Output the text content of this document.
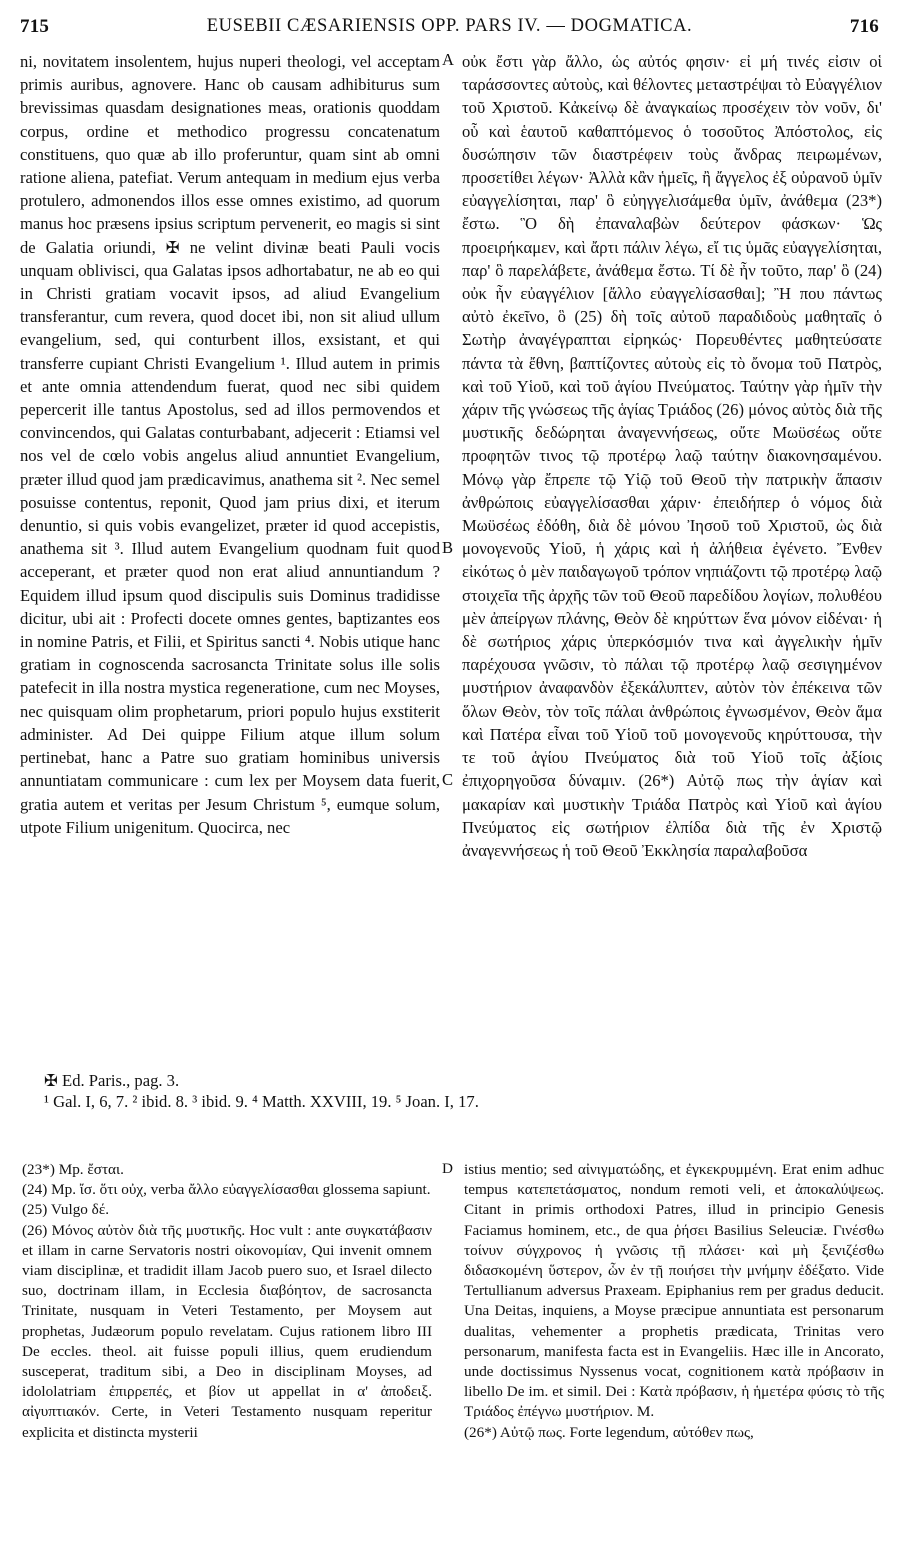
715	EUSEBII CÆSARIENSIS OPP. PARS IV. — DOGMATICA.	716

ni, novitatem insolentem, hujus nuperi theologi, vel acceptam primis auribus, agnovere. Hanc ob causam adhibiturus sum brevissimas quasdam designationes meas, orationis quoddam corpus, ordine et methodico progressu concatenatum constituens, quo quæ ab illo proferuntur, quam sint ab omni ratione aliena, patefiat. Verum antequam in medium ejus verba protulero, admonendos illos esse omnes existimo, ad quorum manus hoc præsens ipsius scriptum pervenerit, eo magis si sint de Galatia oriundi, ✠ ne velint divinæ beati Pauli vocis unquam oblivisci, qua Galatas ipsos adhortabatur, ne ab eo qui in Christi gratiam vocavit ipsos, ad aliud Evangelium transferantur, cum revera, quod docet ibi, non sit aliud ullum evangelium, sed, qui conturbent illos, exsistant, et qui transferre cupiant Christi Evangelium ¹. Illud autem in primis et ante omnia attendendum fuerat, quod nec sibi quidem pepercerit ille tantus Apostolus, sed ad illos permovendos et convincendos, qui Galatas conturbabant, adjecerit : Etiamsi vel nos vel de cœlo vobis angelus aliud annuntiet Evangelium, præter illud quod jam prædicavimus, anathema sit ². Nec semel posuisse contentus, reponit, Quod jam prius dixi, et iterum denuntio, si quis vobis evangelizet, præter id quod accepistis, anathema sit ³. Illud autem Evangelium quodnam fuit quod acceperant, et præter quod non erat aliud annuntiandum ? Equidem illud ipsum quod discipulis suis Dominus tradidisse dicitur, ubi ait : Profecti docete omnes gentes, baptizantes eos in nomine Patris, et Filii, et Spiritus sancti ⁴. Nobis utique hanc gratiam in cognoscenda sacrosancta Trinitate solus ille solis patefecit in illa nostra mystica regeneratione, cum nec Moyses, nec quisquam olim prophetarum, priori populo hujus exstiterit administer. Ad Dei quippe Filium atque illum solum pertinebat, hanc a Patre suo gratiam hominibus universis annuntiatam communicare : cum lex per Moysem data fuerit, gratia autem et veritas per Jesum Christum ⁵, eumque solum, utpote Filium unigenitum. Quocirca, nec

A
B
C

οὐκ ἔστι γὰρ ἄλλο, ὡς αὐτός φησιν· εἰ μή τινές εἰσιν οἱ ταράσσοντες αὐτοὺς, καὶ θέλοντες μεταστρέψαι τὸ Εὐαγγέλιον τοῦ Χριστοῦ. Κἀκείνῳ δὲ ἀναγκαίως προσέχειν τὸν νοῦν, δι' οὗ καὶ ἑαυτοῦ καθαπτόμενος ὁ τοσοῦτος Ἀπόστολος, εἰς δυσώπησιν τῶν διαστρέφειν τοὺς ἄνδρας πειρωμένων, προσετίθει λέγων· Ἀλλὰ κἂν ἡμεῖς, ἢ ἄγγελος ἐξ οὐρανοῦ ὑμῖν εὐαγγελίσηται, παρ' ὃ εὐηγγελισάμεθα ὑμῖν, ἀνάθεμα (23*) ἔστω. Ὃ δὴ ἐπαναλαβὼν δεύτερον φάσκων· Ὡς προειρήκαμεν, καὶ ἄρτι πάλιν λέγω, εἴ τις ὑμᾶς εὐαγγελίσηται, παρ' ὃ παρελάβετε, ἀνάθεμα ἔστω. Τί δὲ ἦν τοῦτο, παρ' ὃ (24) οὐκ ἦν εὐαγγέλιον [ἄλλο εὐαγγελίσασθαι]; Ἢ που πάντως αὐτὸ ἐκεῖνο, ὃ (25) δὴ τοῖς αὐτοῦ παραδιδοὺς μαθηταῖς ὁ Σωτὴρ ἀναγέγραπται εἰρηκώς· Πορευθέντες μαθητεύσατε πάντα τὰ ἔθνη, βαπτίζοντες αὐτοὺς εἰς τὸ ὄνομα τοῦ Πατρὸς, καὶ τοῦ Υἱοῦ, καὶ τοῦ ἁγίου Πνεύματος. Ταύτην γὰρ ἡμῖν τὴν χάριν τῆς γνώσεως τῆς ἁγίας Τριάδος (26) μόνος αὐτὸς διὰ τῆς μυστικῆς δεδώρηται ἀναγεννήσεως, οὔτε Μωϋσέως οὔτε προφητῶν τινος τῷ προτέρῳ λαῷ ταύτην διακονησαμένου. Μόνῳ γὰρ ἔπρεπε τῷ Υἱῷ τοῦ Θεοῦ τὴν πατρικὴν ἅπασιν ἀνθρώποις εὐαγγελίσασθαι χάριν· ἐπειδήπερ ὁ νόμος διὰ Μωϋσέως ἐδόθη, διὰ δὲ μόνου Ἰησοῦ τοῦ Χριστοῦ, ὡς διὰ μονογενοῦς Υἱοῦ, ἡ χάρις καὶ ἡ ἀλήθεια ἐγένετο. Ἔνθεν εἰκότως ὁ μὲν παιδαγωγοῦ τρόπον νηπιάζοντι τῷ προτέρῳ λαῷ στοιχεῖα τῆς ἀρχῆς τῶν τοῦ Θεοῦ παρεδίδου λογίων, πολυθέου μὲν ἀπείργων πλάνης, Θεὸν δὲ κηρύττων ἕνα μόνον εἰδέναι· ἡ δὲ σωτήριος χάρις ὑπερκόσμιόν τινα καὶ ἀγγελικὴν ἡμῖν παρέχουσα γνῶσιν, τὸ πάλαι τῷ προτέρῳ λαῷ σεσιγημένον μυστήριον ἀναφανδὸν ἐξεκάλυπτεν, αὐτὸν τὸν ἐπέκεινα τῶν ὅλων Θεὸν, τὸν τοῖς πάλαι ἀνθρώποις ἐγνωσμένον, Θεὸν ἅμα καὶ Πατέρα εἶναι τοῦ Υἱοῦ τοῦ μονογενοῦς κηρύττουσα, τὴν τε τοῦ ἁγίου Πνεύματος διὰ τοῦ Υἱοῦ τοῖς ἀξίοις ἐπιχορηγοῦσα δύναμιν. (26*) Αὐτῷ πως τὴν ἁγίαν καὶ μακαρίαν καὶ μυστικὴν Τριάδα Πατρὸς καὶ Υἱοῦ καὶ ἁγίου Πνεύματος εἰς σωτήριον ἐλπίδα διὰ τῆς ἐν Χριστῷ ἀναγεννήσεως ἡ τοῦ Θεοῦ Ἐκκλησία παραλαβοῦσα

✠ Ed. Paris., pag. 3.
¹ Gal. I, 6, 7. ² ibid. 8. ³ ibid. 9. ⁴ Matth. XXVIII, 19. ⁵ Joan. I, 17.

(23*) Mp. ἔσται.

(24) Mp. ἴσ. ὅτι οὐχ, verba ἄλλο εὐαγγελίσασθαι glossema sapiunt.

(25) Vulgo δέ.

(26) Μόνος αὐτὸν διὰ τῆς μυστικῆς. Hoc vult : ante συγκατάβασιν et illam in carne Servatoris nostri οἰκονομίαν, Qui invenit omnem viam disciplinæ, et tradidit illam Jacob puero suo, et Israel dilecto suo, doctrinam illam, in Ecclesia διαβόητον, de sacrosancta Trinitate, nusquam in Veteri Testamento, per Moysem aut prophetas, Judæorum populo revelatam. Cujus rationem libro III De eccles. theol. ait fuisse populi illius, quem erudiendum susceperat, traditum sibi, a Deo in disciplinam Moyses, ad idololatriam ἐπιρρεπές, et βίον ut appellat in α' ἀποδειξ. αἰγυπτιακόν. Certe, in Veteri Testamento nusquam reperitur explicita et distincta mysterii

D istius mentio; sed αἰνιγματώδης, et ἐγκεκρυμμένη. Erat enim adhuc tempus κατεπετάσματος, nondum remoti veli, et ἀποκαλύψεως. Citant in primis orthodoxi Patres, illud in principio Genesis Faciamus hominem, etc., de qua ῥήσει Basilius Seleuciæ. Γινέσθω τοίνυν σύγχρονος ἡ γνῶσις τῇ πλάσει· καὶ μὴ ξενιζέσθω διδασκομένη ὕστερον, ὧν ἐν τῇ ποιήσει τὴν μνήμην ἐδέξατο. Vide Tertullianum adversus Praxeam. Epiphanius rem per gradus deducit. Una Deitas, inquiens, a Moyse præcipue annuntiata est personarum dualitas, vehementer a prophetis prædicata, Trinitas vero personarum, manifesta facta est in Evangeliis. Hæc ille in Ancorato, unde doctissimus Nyssenus vocat, cognitionem κατὰ πρόβασιν in libello De im. et simil. Dei : Κατὰ πρόβασιν, ἡ ἡμετέρα φύσις τὸ τῆς Τριάδος ἐπέγνω μυστήριον. M.

(26*) Αὐτῷ πως. Forte legendum, αὐτόθεν πως,
